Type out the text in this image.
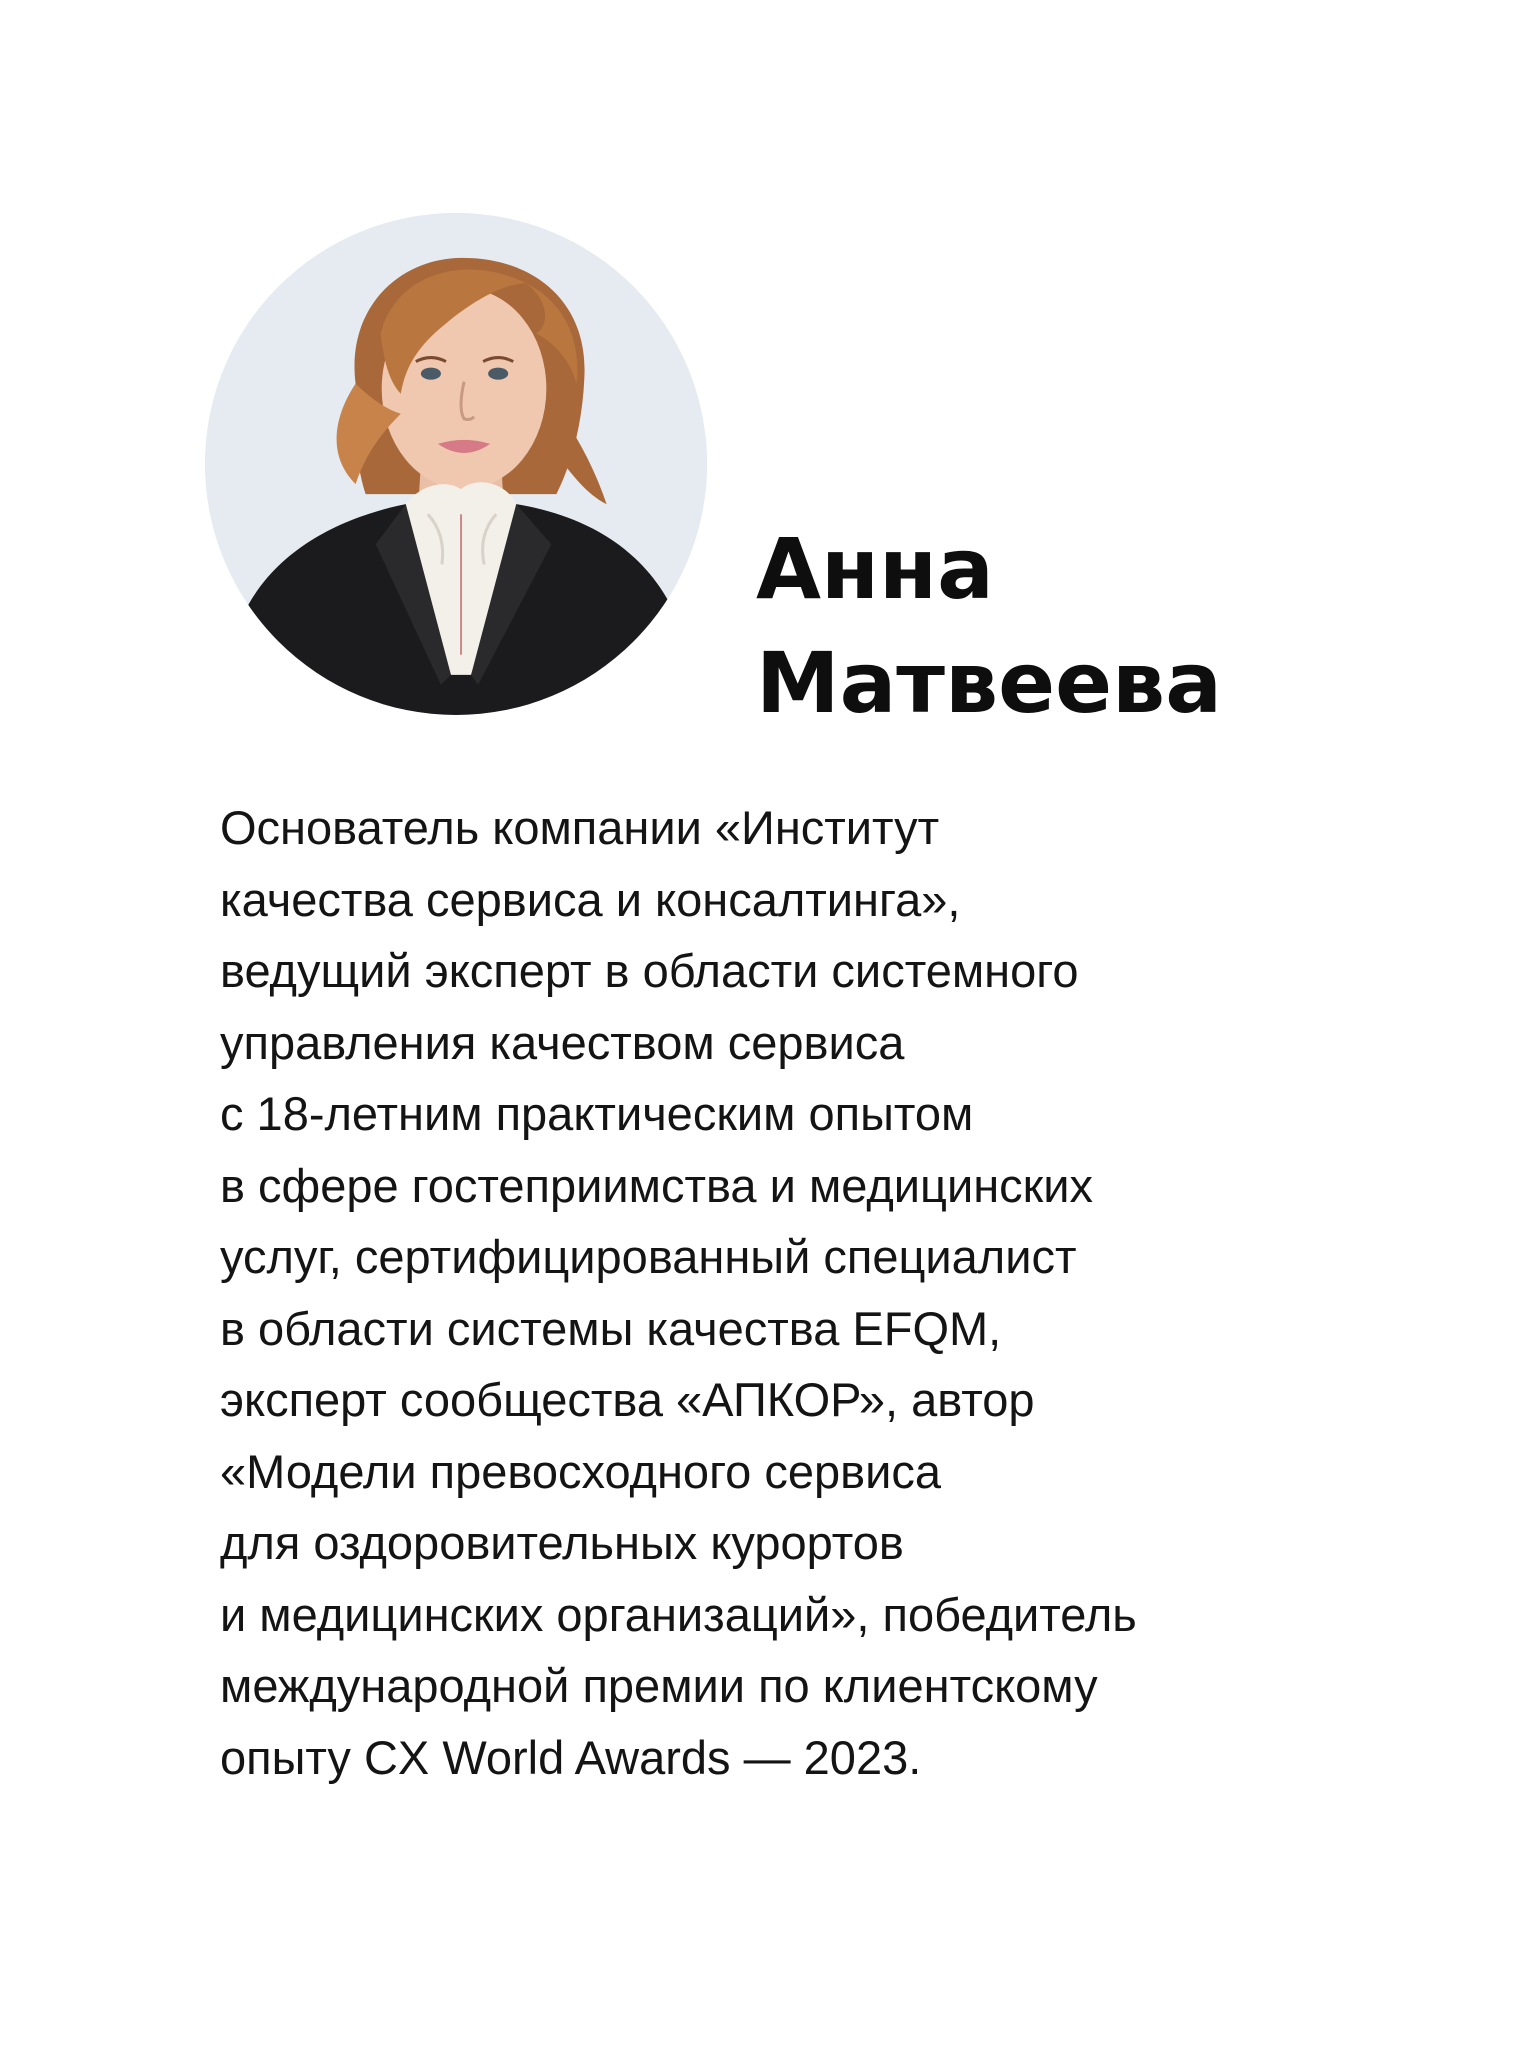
Анна
Матвеева
Основатель компании «Институт
качества сервиса и консалтинга»,
ведущий эксперт в области системного
управления качеством сервиса
с 18-летним практическим опытом
в сфере гостеприимства и медицинских
услуг, сертифицированный специалист
в области системы качества EFQM,
эксперт сообщества «АПКОР», автор
«Модели превосходного сервиса
для оздоровительных курортов
и медицинских организаций», победитель
международной премии по клиентскому
опыту CX World Awards — 2023.
